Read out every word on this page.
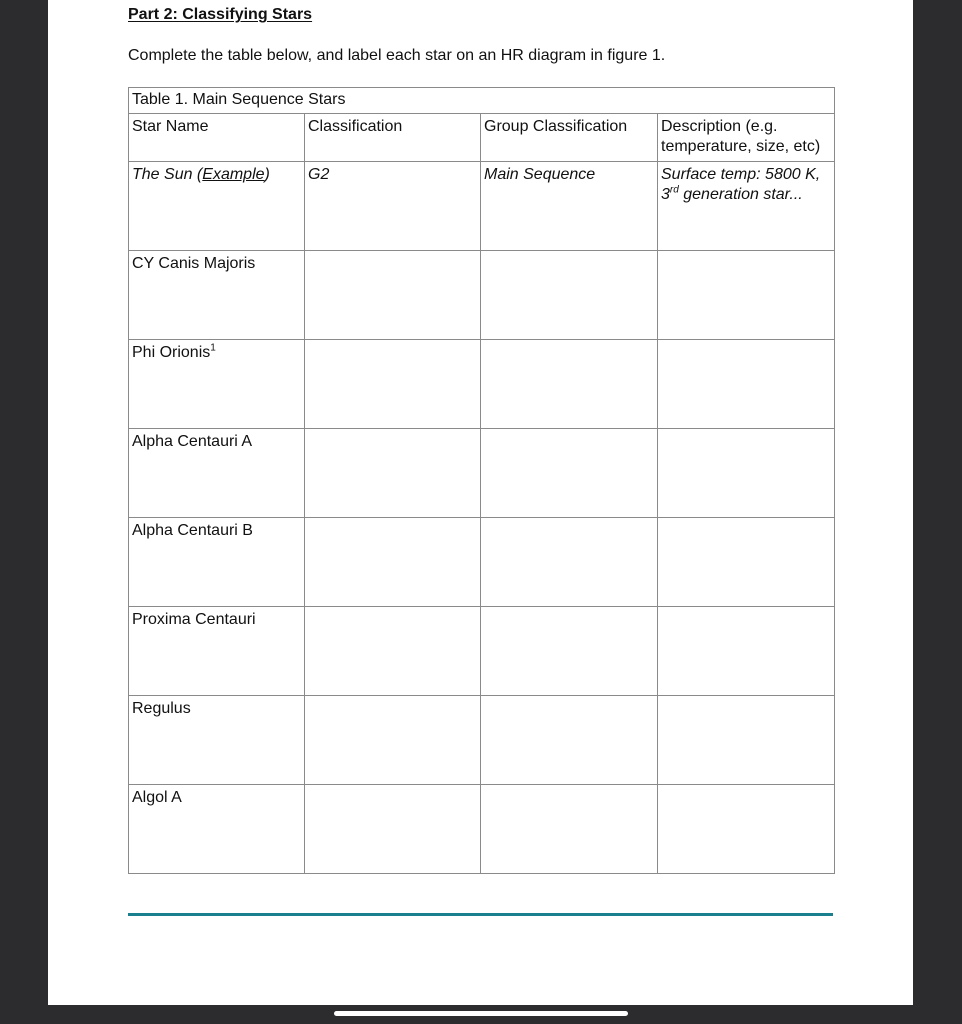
Part 2: Classifying Stars
Complete the table below, and label each star on an HR diagram in figure 1.
Table 1. Main Sequence Stars			
Star Name	Classification	Group Classification	Description (e.g. temperature, size, etc)
The Sun (Example)	G2	Main Sequence	Surface temp: 5800 K, 3rd generation star...
CY Canis Majoris			
Phi Orionis$^1$			
Alpha Centauri A			
Alpha Centauri B			
Proxima Centauri			
Regulus			
Algol A			
